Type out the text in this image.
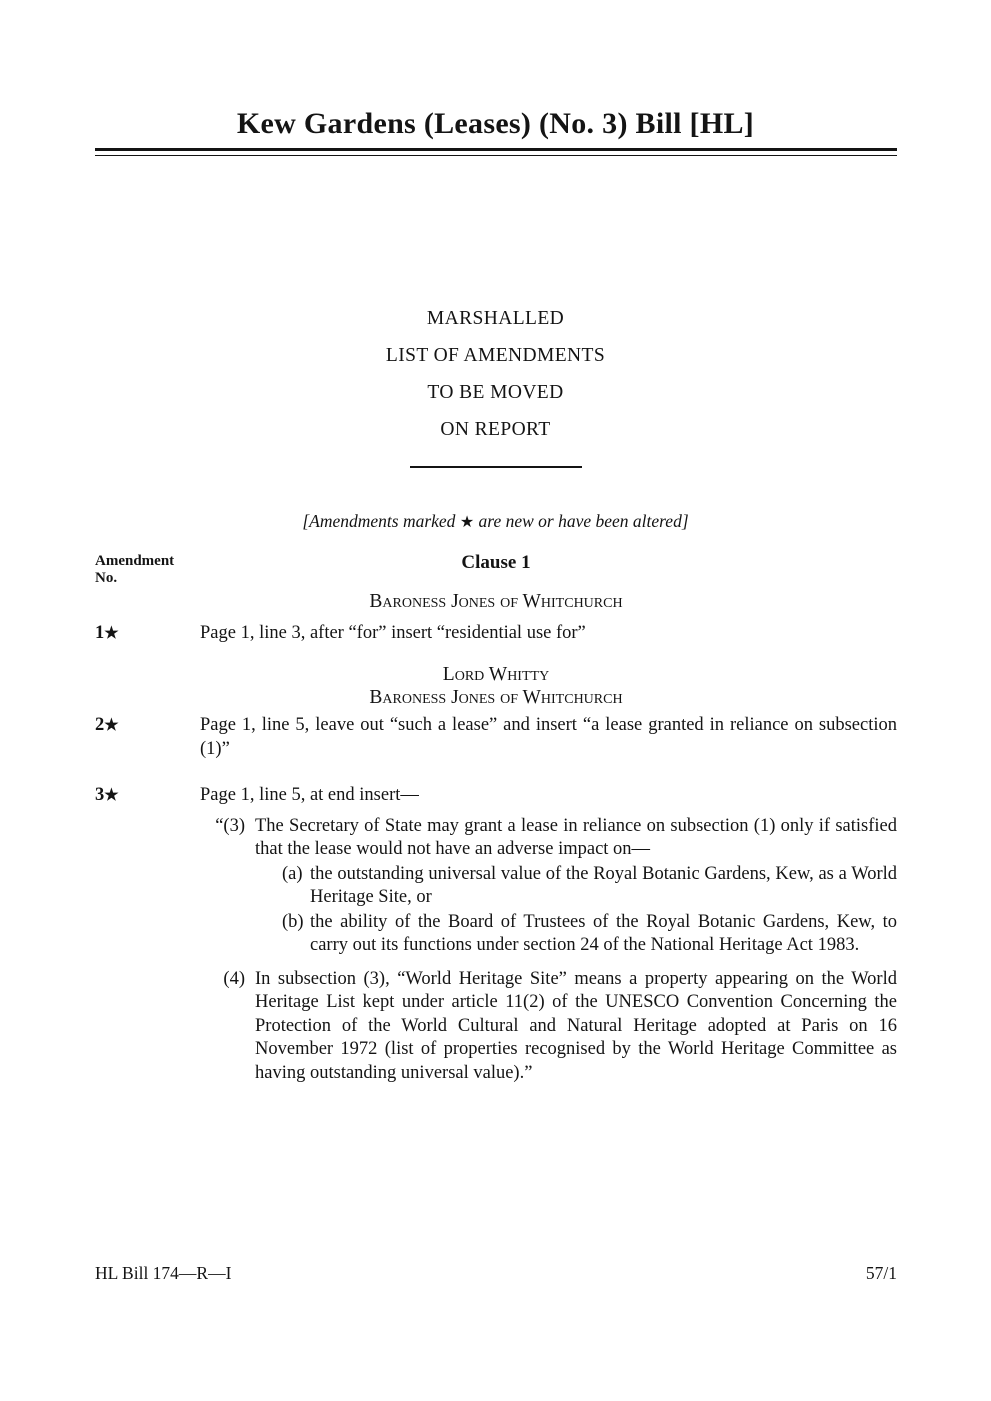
Kew Gardens (Leases) (No. 3) Bill [HL]
MARSHALLED
LIST OF AMENDMENTS
TO BE MOVED
ON REPORT
[Amendments marked ★ are new or have been altered]
Amendment
No.
Clause 1
Baroness Jones of Whitchurch
1★	Page 1, line 3, after “for” insert “residential use for”
Lord Whitty
Baroness Jones of Whitchurch
2★	Page 1, line 5, leave out “such a lease” and insert “a lease granted in reliance on subsection (1)”
3★	Page 1, line 5, at end insert—
“(3) The Secretary of State may grant a lease in reliance on subsection (1) only if satisfied that the lease would not have an adverse impact on—
(a) the outstanding universal value of the Royal Botanic Gardens, Kew, as a World Heritage Site, or
(b) the ability of the Board of Trustees of the Royal Botanic Gardens, Kew, to carry out its functions under section 24 of the National Heritage Act 1983.
(4) In subsection (3), “World Heritage Site” means a property appearing on the World Heritage List kept under article 11(2) of the UNESCO Convention Concerning the Protection of the World Cultural and Natural Heritage adopted at Paris on 16 November 1972 (list of properties recognised by the World Heritage Committee as having outstanding universal value).”
HL Bill 174—R—I	57/1
